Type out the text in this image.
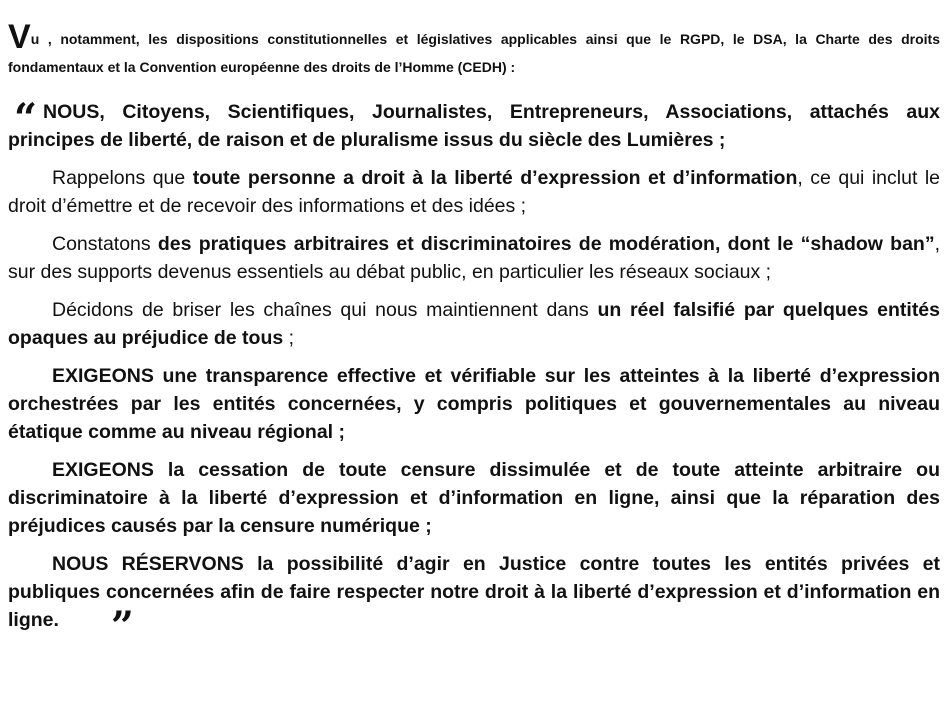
Vu , notamment, les dispositions constitutionnelles et législatives applicables ainsi que le RGPD, le DSA, la Charte des droits fondamentaux et la Convention européenne des droits de l’Homme (CEDH) :

“ NOUS, Citoyens, Scientifiques, Journalistes, Entrepreneurs, Associations, attachés aux principes de liberté, de raison et de pluralisme issus du siècle des Lumières ;

Rappelons que toute personne a droit à la liberté d’expression et d’information, ce qui inclut le droit d’émettre et de recevoir des informations et des idées ;

Constatons des pratiques arbitraires et discriminatoires de modération, dont le “shadow ban”, sur des supports devenus essentiels au débat public, en particulier les réseaux sociaux ;

Décidons de briser les chaînes qui nous maintiennent dans un réel falsifié par quelques entités opaques au préjudice de tous ;

EXIGEONS une transparence effective et vérifiable sur les atteintes à la liberté d’expression orchestrées par les entités concernées, y compris politiques et gouvernementales au niveau étatique comme au niveau régional ;

EXIGEONS la cessation de toute censure dissimulée et de toute atteinte arbitraire ou discriminatoire à la liberté d’expression et d’information en ligne, ainsi que la réparation des préjudices causés par la censure numérique ;

NOUS RÉSERVONS la possibilité d’agir en Justice contre toutes les entités privées et publiques concernées afin de faire respecter notre droit à la liberté d’expression et d’information en ligne. ”
